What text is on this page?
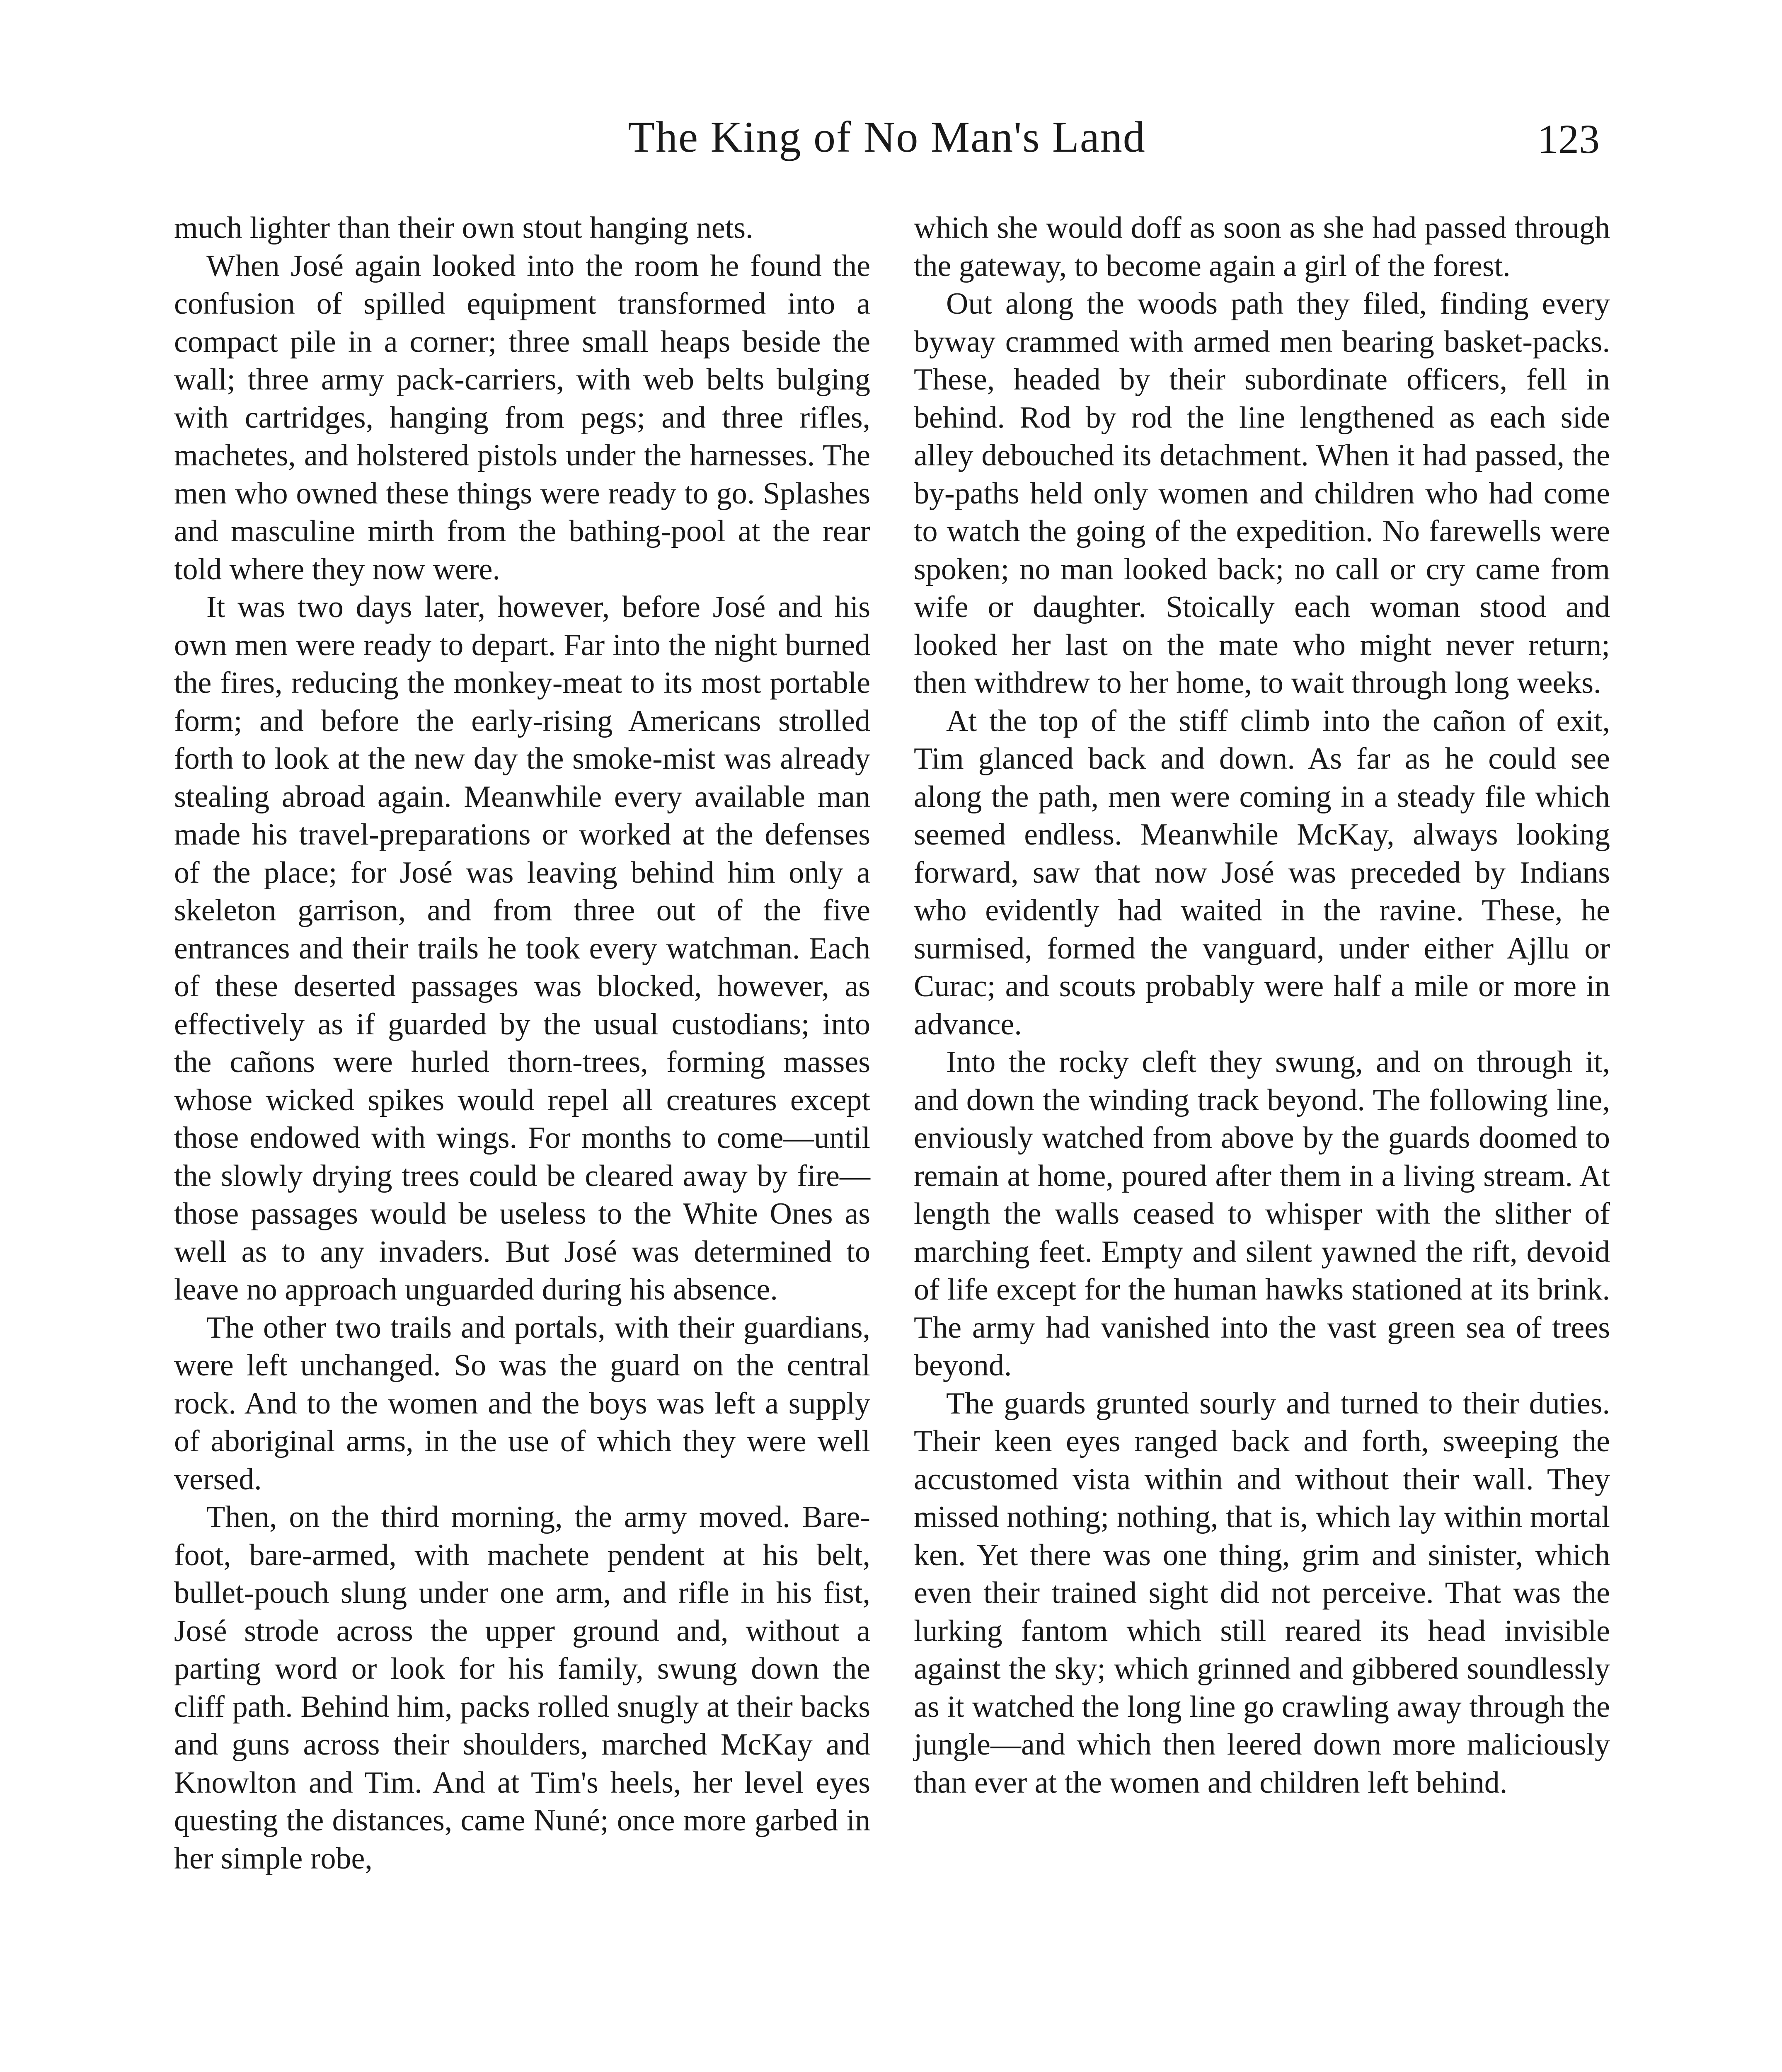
The King of No Man's Land	123

much lighter than their own stout hanging nets.

When José again looked into the room he found the confusion of spilled equipment transformed into a compact pile in a corner; three small heaps beside the wall; three army pack-carriers, with web belts bulging with cartridges, hanging from pegs; and three rifles, machetes, and holstered pistols under the harnesses. The men who owned these things were ready to go. Splashes and masculine mirth from the bathing-pool at the rear told where they now were.

It was two days later, however, before José and his own men were ready to depart. Far into the night burned the fires, reducing the monkey-meat to its most portable form; and before the early-rising Americans strolled forth to look at the new day the smoke-mist was already stealing abroad again. Meanwhile every available man made his travel-preparations or worked at the defenses of the place; for José was leaving behind him only a skeleton garrison, and from three out of the five entrances and their trails he took every watchman. Each of these deserted passages was blocked, however, as effectively as if guarded by the usual custodians; into the cañons were hurled thorn-trees, forming masses whose wicked spikes would repel all creatures except those endowed with wings. For months to come—until the slowly drying trees could be cleared away by fire—those passages would be useless to the White Ones as well as to any invaders. But José was determined to leave no approach unguarded during his absence.

The other two trails and portals, with their guardians, were left unchanged. So was the guard on the central rock. And to the women and the boys was left a supply of aboriginal arms, in the use of which they were well versed.

Then, on the third morning, the army moved. Bare-foot, bare-armed, with machete pendent at his belt, bullet-pouch slung under one arm, and rifle in his fist, José strode across the upper ground and, without a parting word or look for his family, swung down the cliff path. Behind him, packs rolled snugly at their backs and guns across their shoulders, marched McKay and Knowlton and Tim. And at Tim's heels, her level eyes questing the distances, came Nuné; once more garbed in her simple robe,

which she would doff as soon as she had passed through the gateway, to become again a girl of the forest.

Out along the woods path they filed, finding every byway crammed with armed men bearing basket-packs. These, headed by their subordinate officers, fell in behind. Rod by rod the line lengthened as each side alley debouched its detachment. When it had passed, the by-paths held only women and children who had come to watch the going of the expedition. No farewells were spoken; no man looked back; no call or cry came from wife or daughter. Stoically each woman stood and looked her last on the mate who might never return; then withdrew to her home, to wait through long weeks.

At the top of the stiff climb into the cañon of exit, Tim glanced back and down. As far as he could see along the path, men were coming in a steady file which seemed endless. Meanwhile McKay, always looking forward, saw that now José was preceded by Indians who evidently had waited in the ravine. These, he surmised, formed the vanguard, under either Ajllu or Curac; and scouts probably were half a mile or more in advance.

Into the rocky cleft they swung, and on through it, and down the winding track beyond. The following line, enviously watched from above by the guards doomed to remain at home, poured after them in a living stream. At length the walls ceased to whisper with the slither of marching feet. Empty and silent yawned the rift, devoid of life except for the human hawks stationed at its brink. The army had vanished into the vast green sea of trees beyond.

The guards grunted sourly and turned to their duties. Their keen eyes ranged back and forth, sweeping the accustomed vista within and without their wall. They missed nothing; nothing, that is, which lay within mortal ken. Yet there was one thing, grim and sinister, which even their trained sight did not perceive. That was the lurking fantom which still reared its head invisible against the sky; which grinned and gibbered soundlessly as it watched the long line go crawling away through the jungle—and which then leered down more maliciously than ever at the women and children left behind.
